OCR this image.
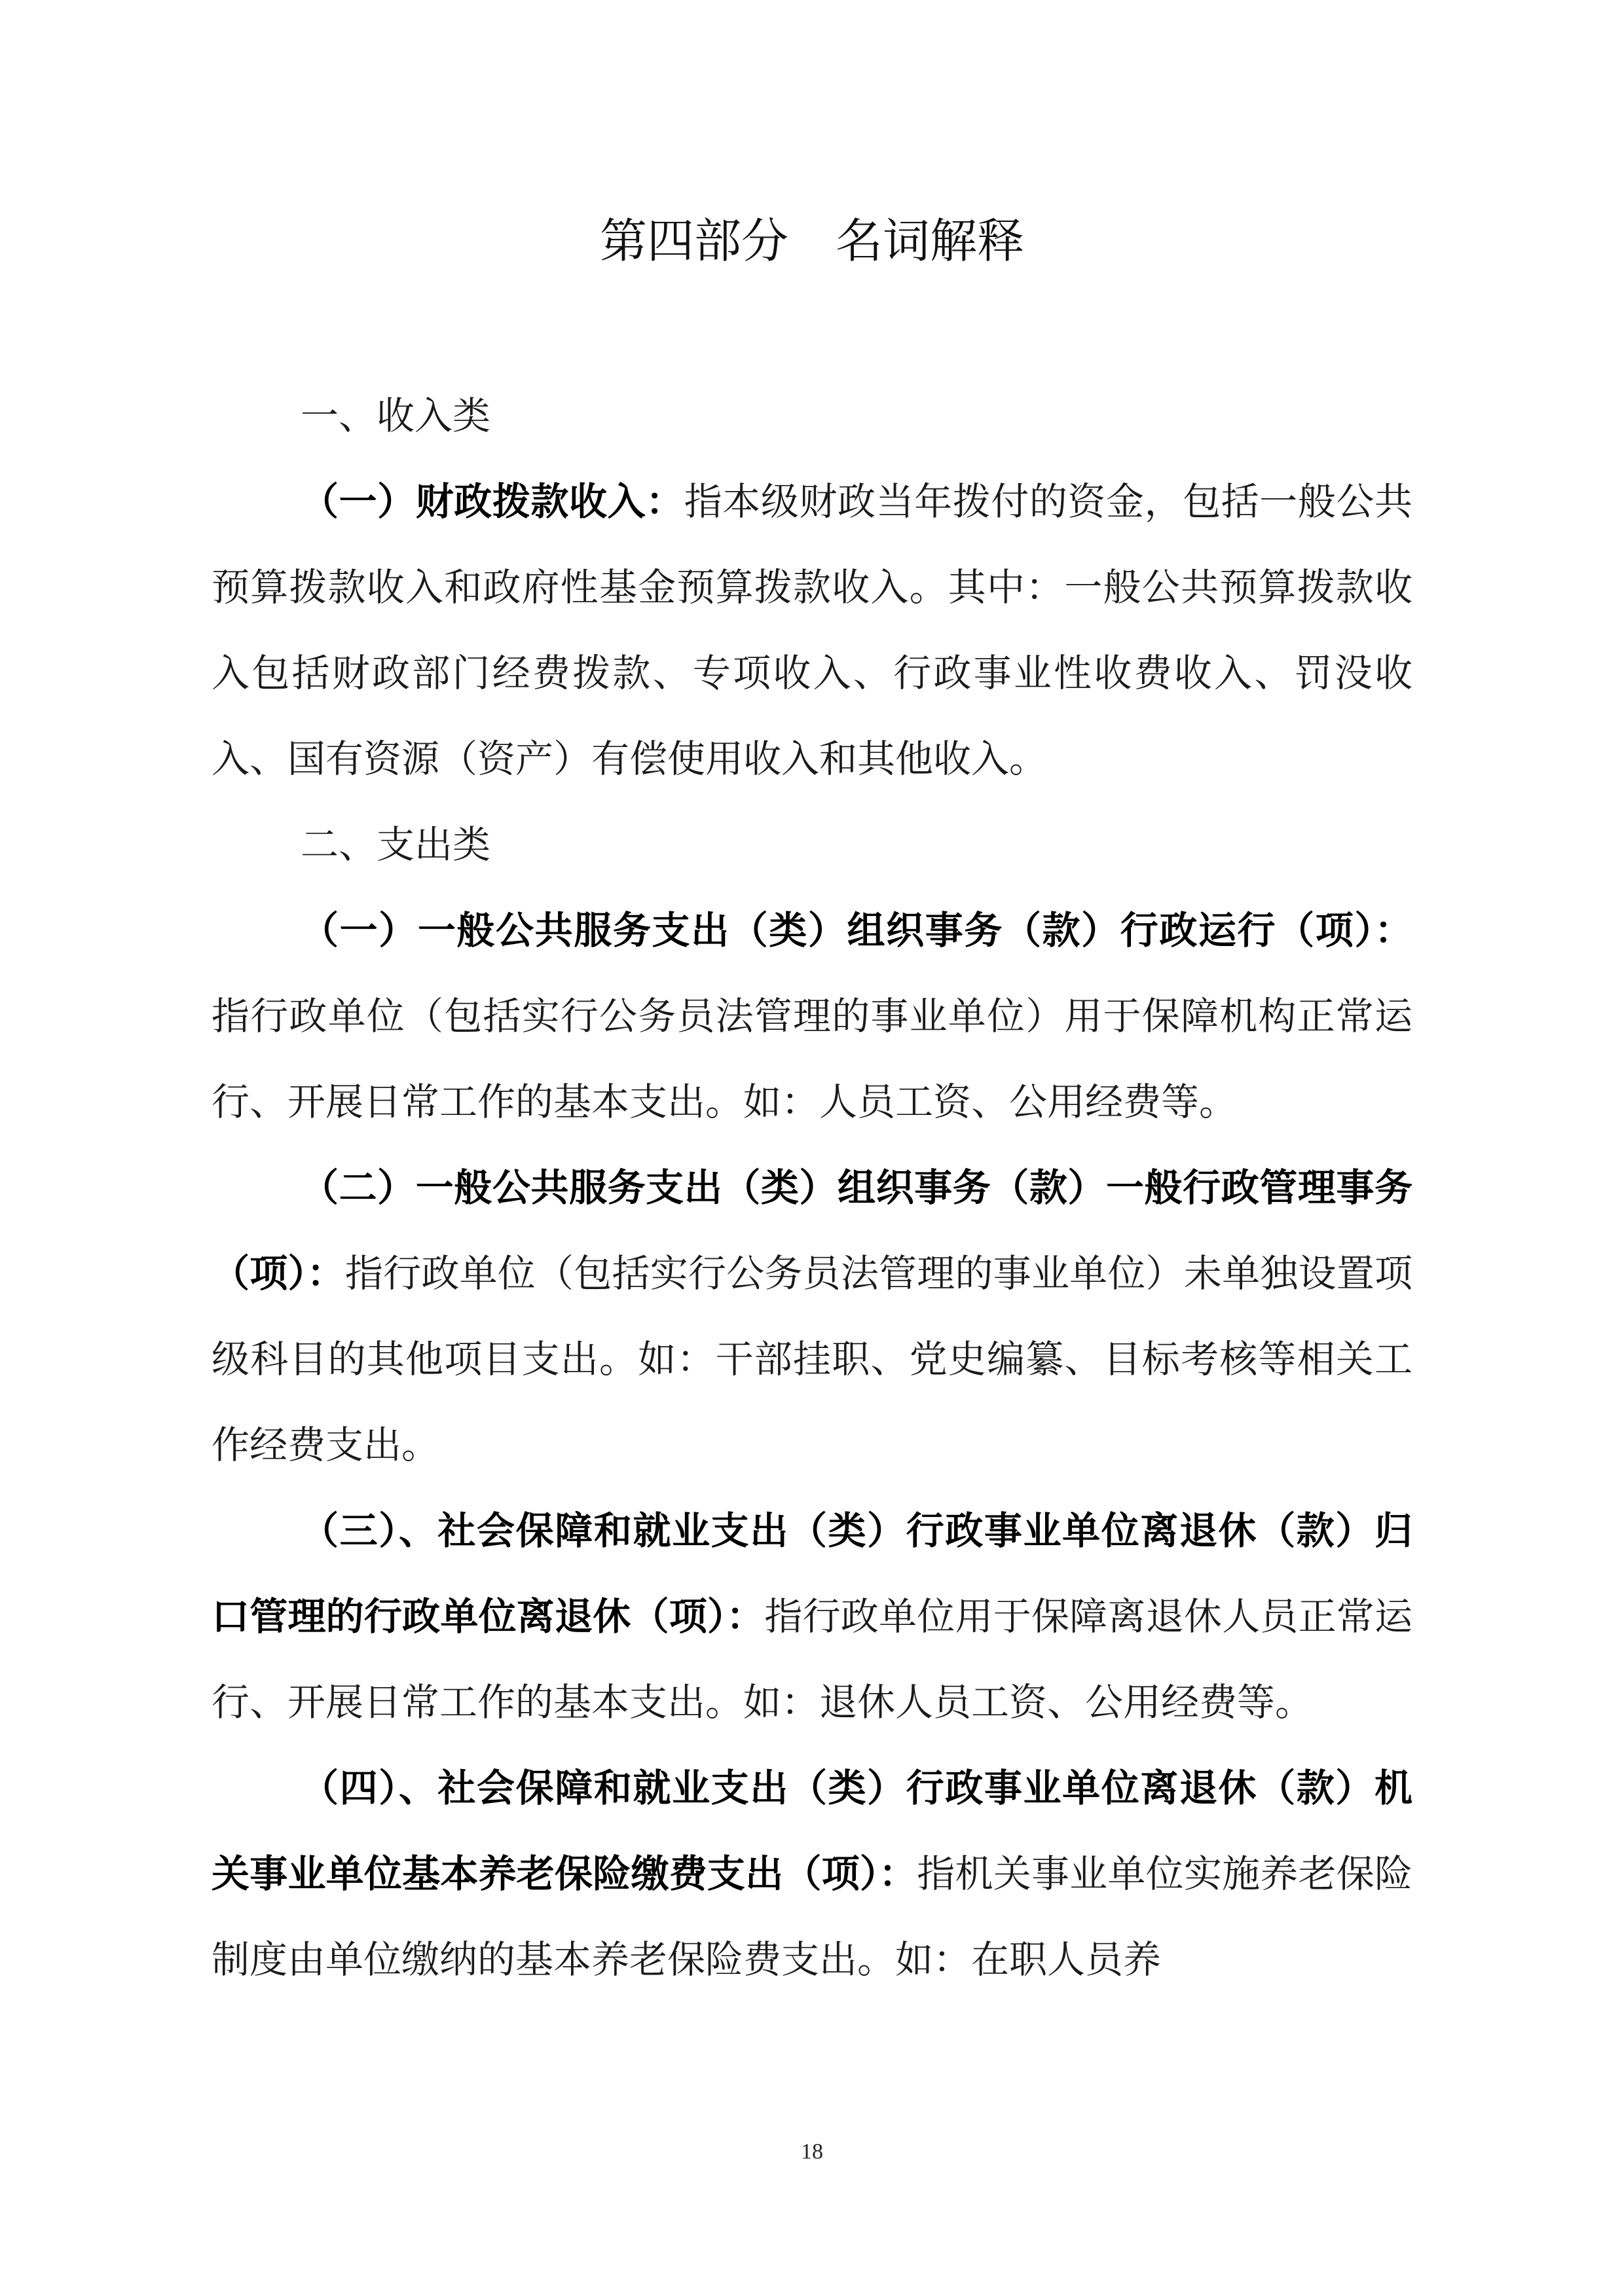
第四部分　名词解释

一、收入类

（一）财政拨款收入：指本级财政当年拨付的资金，包括一般公共预算拨款收入和政府性基金预算拨款收入。其中：一般公共预算拨款收入包括财政部门经费拨款、专项收入、行政事业性收费收入、罚没收入、国有资源（资产）有偿使用收入和其他收入。

二、支出类

（一）一般公共服务支出（类）组织事务（款）行政运行（项）：指行政单位（包括实行公务员法管理的事业单位）用于保障机构正常运行、开展日常工作的基本支出。如：人员工资、公用经费等。

（二）一般公共服务支出（类）组织事务（款）一般行政管理事务（项）：指行政单位（包括实行公务员法管理的事业单位）未单独设置项级科目的其他项目支出。如：干部挂职、党史编纂、目标考核等相关工作经费支出。

（三）、社会保障和就业支出（类）行政事业单位离退休（款）归口管理的行政单位离退休（项）：指行政单位用于保障离退休人员正常运行、开展日常工作的基本支出。如：退休人员工资、公用经费等。

（四）、社会保障和就业支出（类）行政事业单位离退休（款）机关事业单位基本养老保险缴费支出（项）：指机关事业单位实施养老保险制度由单位缴纳的基本养老保险费支出。如：在职人员养

18
